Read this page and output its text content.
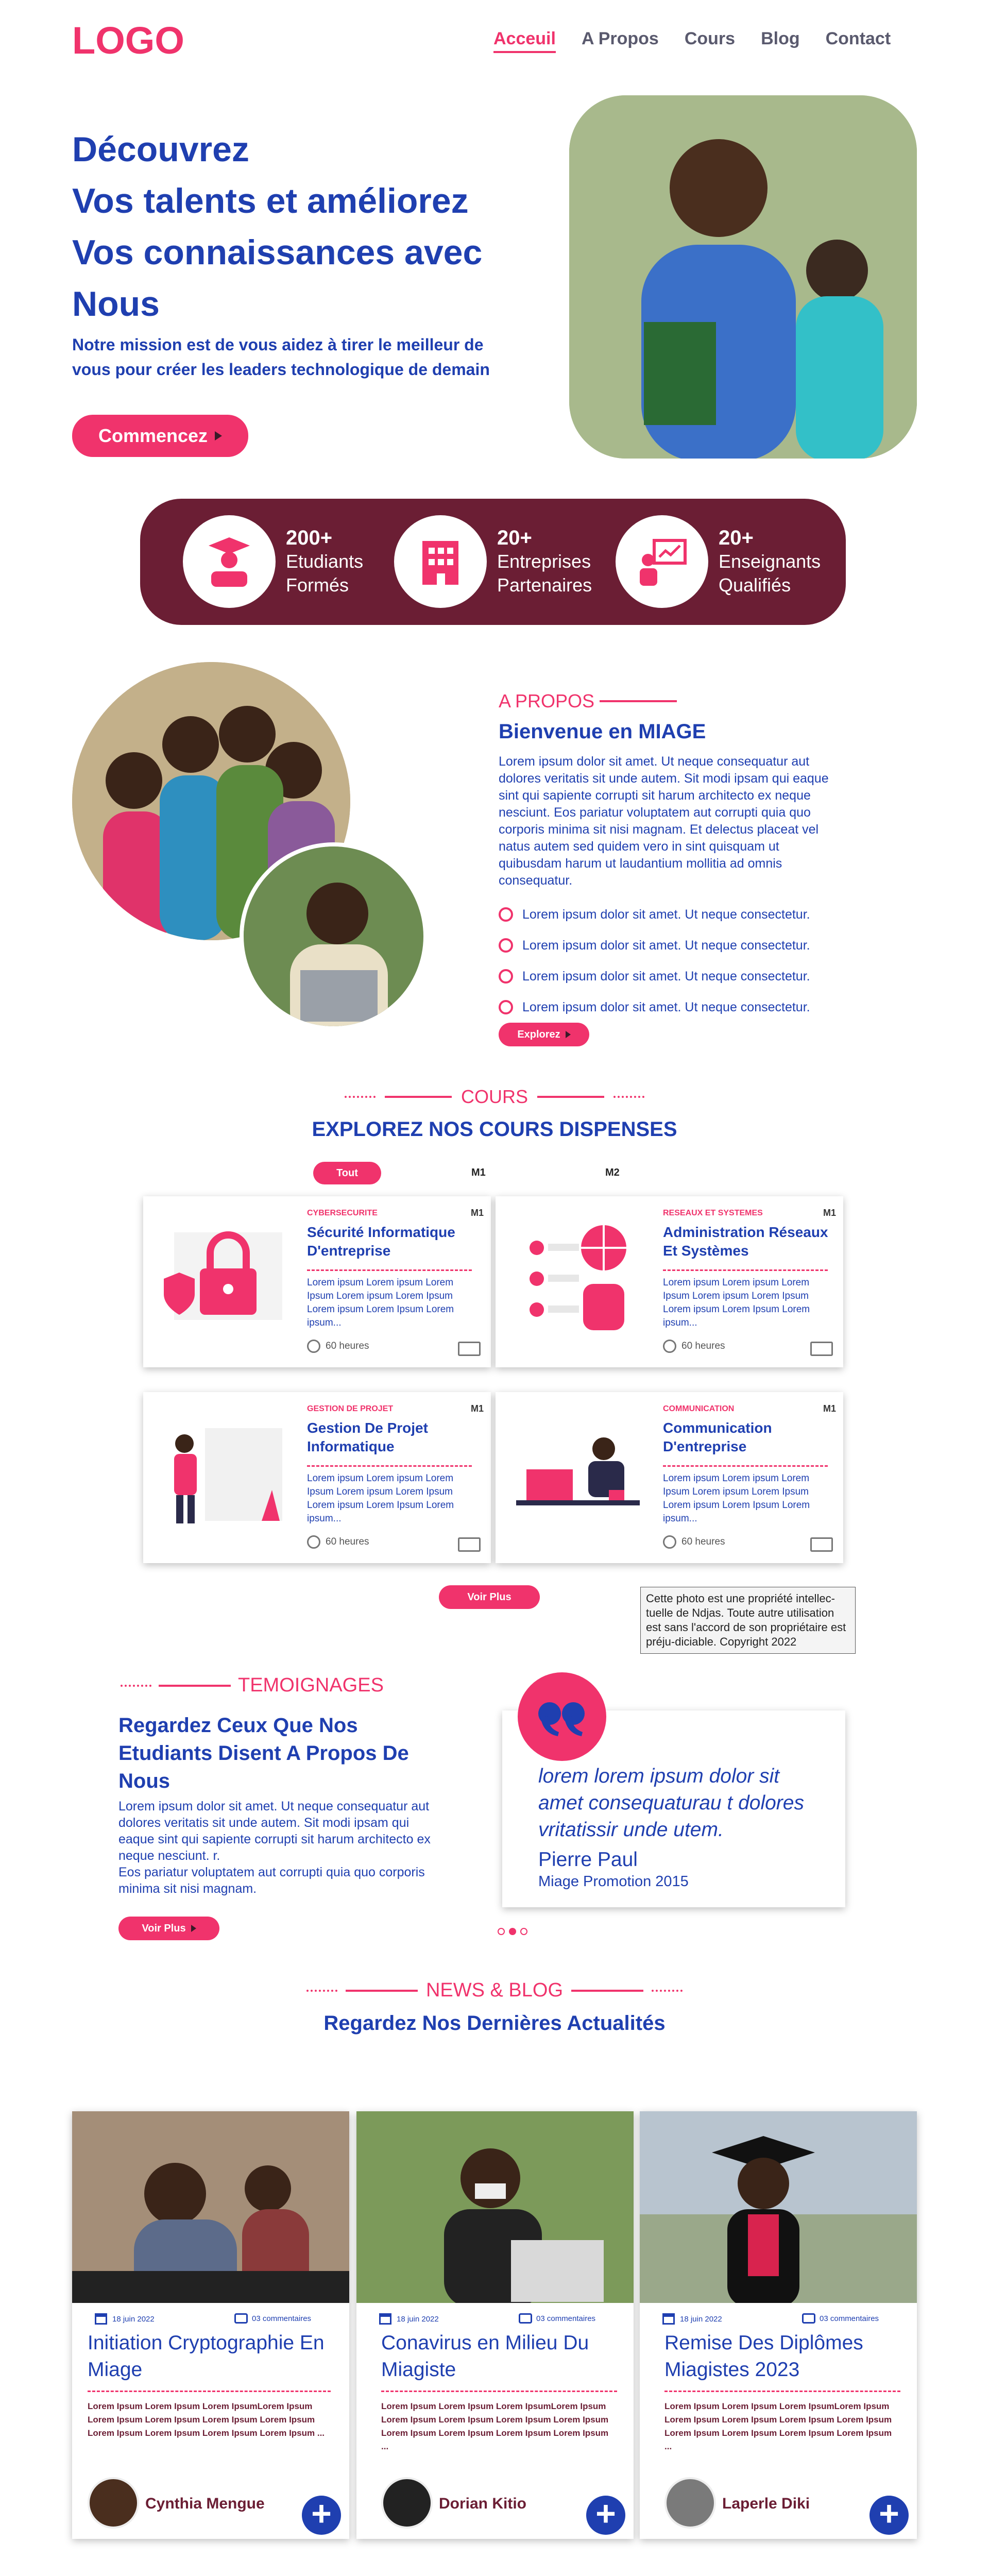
LOGO	Acceuil A Propos Cours Blog Contact
Découvrez
Vos talents et améliorez
Vos connaissances avec
Nous
Notre mission est de vous aidez à tirer le meilleur de vous pour créer les leaders technologique de demain
Commencez
200+
Etudiants
Formés
20+
Entreprises
Partenaires
20+
Enseignants
Qualifiés
A PROPOS
Bienvenue en MIAGE
Lorem ipsum dolor sit amet. Ut neque consequatur aut dolores veritatis sit unde autem. Sit modi ipsam qui eaque sint qui sapiente corrupti sit harum architecto ex neque nesciunt. Eos pariatur voluptatem aut corrupti quia quo corporis minima sit nisi magnam. Et delectus placeat vel natus autem sed quidem vero in sint quisquam ut quibusdam harum ut laudantium mollitia ad omnis consequatur.
Lorem ipsum dolor sit amet. Ut neque consectetur.
Lorem ipsum dolor sit amet. Ut neque consectetur.
Lorem ipsum dolor sit amet. Ut neque consectetur.
Lorem ipsum dolor sit amet. Ut neque consectetur.
Explorez
COURS
EXPLOREZ NOS COURS DISPENSES
Tout	M1	M2
CYBERSECURITE	M1
Sécurité Informatique D'entreprise
Lorem ipsum Lorem ipsum Lorem Ipsum Lorem ipsum Lorem Ipsum Lorem ipsum Lorem Ipsum Lorem ipsum...
60 heures
RESEAUX ET SYSTEMES	M1
Administration Réseaux Et Systèmes
Lorem ipsum Lorem ipsum Lorem Ipsum Lorem ipsum Lorem Ipsum Lorem ipsum Lorem Ipsum Lorem ipsum...
60 heures
GESTION DE PROJET	M1
Gestion De Projet Informatique
Lorem ipsum Lorem ipsum Lorem Ipsum Lorem ipsum Lorem Ipsum Lorem ipsum Lorem Ipsum Lorem ipsum...
60 heures
COMMUNICATION	M1
Communication D'entreprise
Lorem ipsum Lorem ipsum Lorem Ipsum Lorem ipsum Lorem Ipsum Lorem ipsum Lorem Ipsum Lorem ipsum...
60 heures
Voir Plus	Cette photo est une propriété intellec-tuelle de Ndjas. Toute autre utilisation est sans l'accord de son propriétaire est préju-diciable. Copyright 2022
TEMOIGNAGES
Regardez Ceux Que Nos Etudiants Disent A Propos De Nous
Lorem ipsum dolor sit amet. Ut neque consequatur aut dolores veritatis sit unde autem. Sit modi ipsam qui eaque sint qui sapiente corrupti sit harum architecto ex neque nesciunt. r.
Eos pariatur voluptatem aut corrupti quia quo corporis minima sit nisi magnam.
Voir Plus
lorem lorem ipsum dolor sit amet consequaturau t dolores vritatissir unde utem.
Pierre Paul
Miage Promotion 2015
NEWS & BLOG
Regardez Nos Dernières Actualités
18 juin 2022	03 commentaires
Initiation Cryptographie En Miage
Lorem Ipsum Lorem Ipsum Lorem IpsumLorem Ipsum Lorem Ipsum Lorem Ipsum Lorem Ipsum Lorem Ipsum Lorem Ipsum Lorem Ipsum Lorem Ipsum Lorem Ipsum ...
Cynthia Mengue +
18 juin 2022	03 commentaires
Conavirus en Milieu Du Miagiste
Lorem Ipsum Lorem Ipsum Lorem IpsumLorem Ipsum Lorem Ipsum Lorem Ipsum Lorem Ipsum Lorem Ipsum Lorem Ipsum Lorem Ipsum Lorem Ipsum Lorem Ipsum ...
Dorian Kitio +
18 juin 2022	03 commentaires
Remise Des Diplômes Miagistes 2023
Lorem Ipsum Lorem Ipsum Lorem IpsumLorem Ipsum Lorem Ipsum Lorem Ipsum Lorem Ipsum Lorem Ipsum Lorem Ipsum Lorem Ipsum Lorem Ipsum Lorem Ipsum ...
Laperle Diki +
